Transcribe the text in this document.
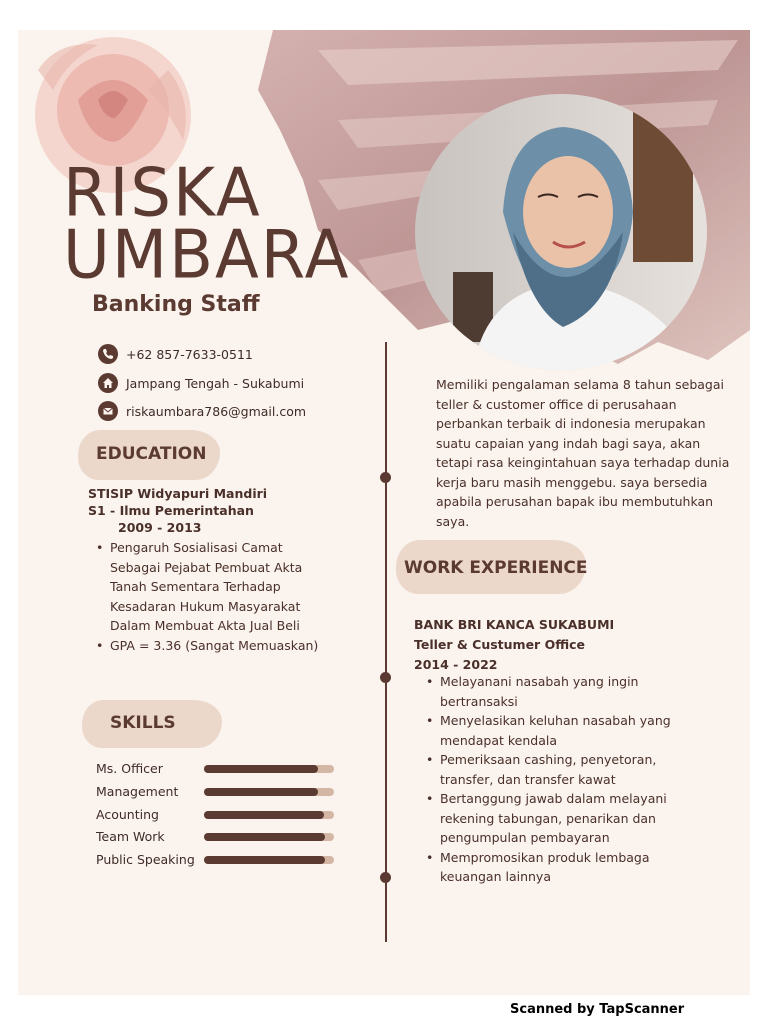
RISKA
UMBARA
Banking Staff
+62 857-7633-0511
Jampang Tengah - Sukabumi
riskaumbara786@gmail.com
EDUCATION
STISIP Widyapuri Mandiri
S1 - Ilmu Pemerintahan
2009 - 2013
• Pengaruh Sosialisasi Camat Sebagai Pejabat Pembuat Akta Tanah Sementara Terhadap Kesadaran Hukum Masyarakat Dalam Membuat Akta Jual Beli
• GPA = 3.36 (Sangat Memuaskan)
SKILLS
Ms. Officer
Management
Acounting
Team Work
Public Speaking
Memiliki pengalaman selama 8 tahun sebagai teller & customer office di perusahaan perbankan terbaik di indonesia merupakan suatu capaian yang indah bagi saya, akan tetapi rasa keingintahuan saya terhadap dunia kerja baru masih menggebu. saya bersedia apabila perusahan bapak ibu membutuhkan saya.
WORK EXPERIENCE
BANK BRI KANCA SUKABUMI
Teller & Custumer Office
2014 - 2022
• Melayanani nasabah yang ingin bertransaksi
• Menyelasikan keluhan nasabah yang mendapat kendala
• Pemeriksaan cashing, penyetoran, transfer, dan transfer kawat
• Bertanggung jawab dalam melayani rekening tabungan, penarikan dan pengumpulan pembayaran
• Mempromosikan produk lembaga keuangan lainnya
Scanned by TapScanner
